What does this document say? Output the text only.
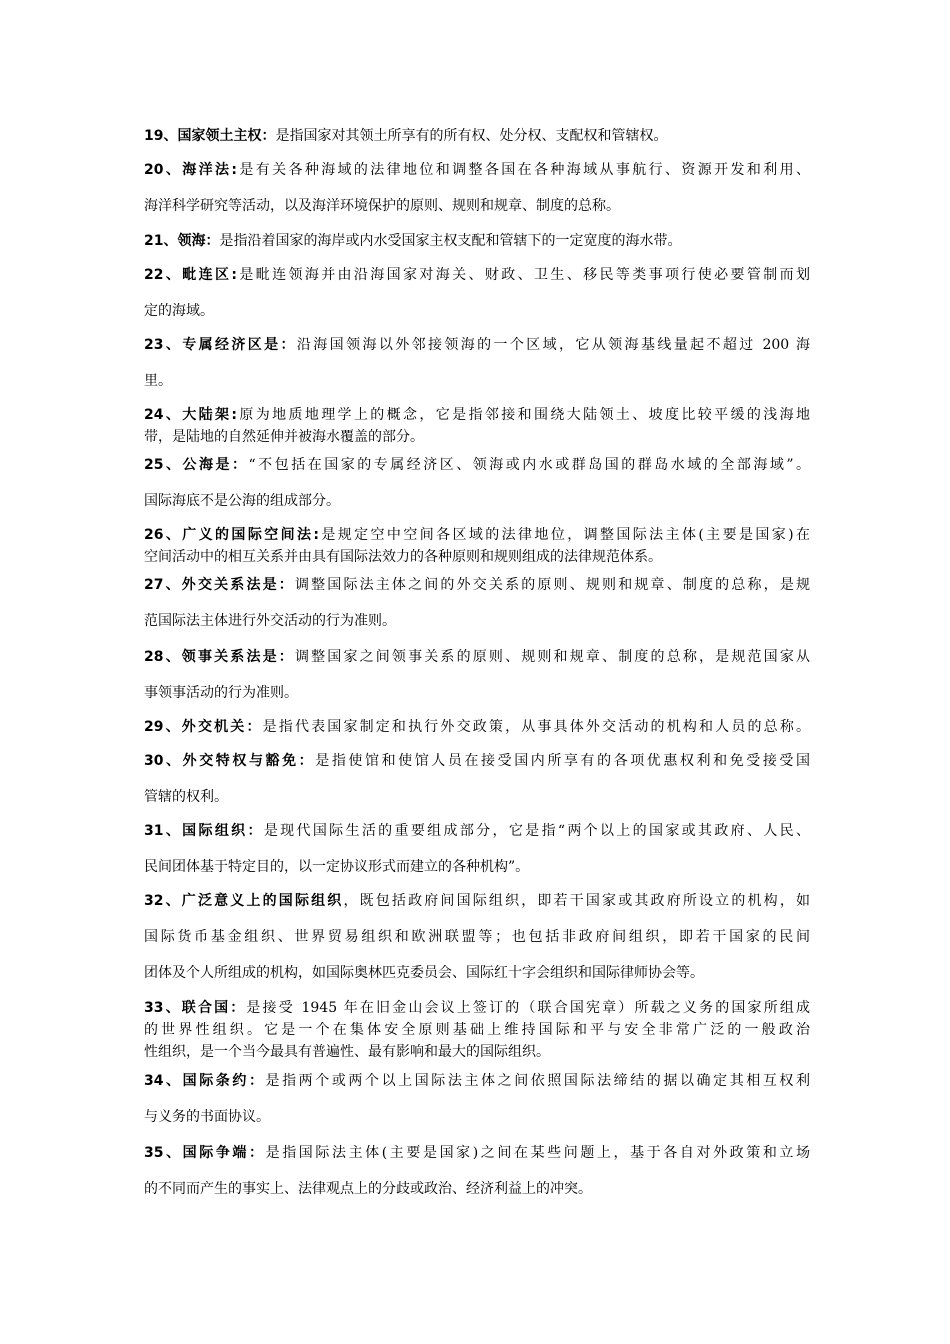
19、国家领土主权：是指国家对其领土所享有的所有权、处分权、支配权和管辖权。

20、海洋法:是有关各种海域的法律地位和调整各国在各种海域从事航行、资源开发和利用、
海洋科学研究等活动，以及海洋环境保护的原则、规则和规章、制度的总称。

21、领海：是指沿着国家的海岸或内水受国家主权支配和管辖下的一定宽度的海水带。

22、毗连区:是毗连领海并由沿海国家对海关、财政、卫生、移民等类事项行使必要管制而划
定的海域。

23、专属经济区是：沿海国领海以外邻接领海的一个区域，它从领海基线量起不超过 200 海
里。

24、大陆架:原为地质地理学上的概念，它是指邻接和围绕大陆领土、坡度比较平缓的浅海地
带，是陆地的自然延伸并被海水覆盖的部分。

25、公海是：“不包括在国家的专属经济区、领海或内水或群岛国的群岛水域的全部海域”。
国际海底不是公海的组成部分。

26、广义的国际空间法:是规定空中空间各区域的法律地位，调整国际法主体(主要是国家)在
空间活动中的相互关系并由具有国际法效力的各种原则和规则组成的法律规范体系。

27、外交关系法是：调整国际法主体之间的外交关系的原则、规则和规章、制度的总称，是规
范国际法主体进行外交活动的行为准则。

28、领事关系法是：调整国家之间领事关系的原则、规则和规章、制度的总称，是规范国家从
事领事活动的行为准则。

29、外交机关：是指代表国家制定和执行外交政策，从事具体外交活动的机构和人员的总称。

30、外交特权与豁免：是指使馆和使馆人员在接受国内所享有的各项优惠权利和免受接受国
管辖的权利。

31、国际组织：是现代国际生活的重要组成部分，它是指“两个以上的国家或其政府、人民、
民间团体基于特定目的，以一定协议形式而建立的各种机构”。

32、广泛意义上的国际组织，既包括政府间国际组织，即若干国家或其政府所设立的机构，如
国际货币基金组织、世界贸易组织和欧洲联盟等；也包括非政府间组织，即若干国家的民间
团体及个人所组成的机构，如国际奥林匹克委员会、国际红十字会组织和国际律师协会等。

33、联合国：是接受 1945 年在旧金山会议上签订的（联合国宪章）所载之义务的国家所组成
的世界性组织。它是一个在集体安全原则基础上维持国际和平与安全非常广泛的一般政治
性组织，是一个当今最具有普遍性、最有影响和最大的国际组织。

34、国际条约：是指两个或两个以上国际法主体之间依照国际法缔结的据以确定其相互权利
与义务的书面协议。

35、国际争端：是指国际法主体(主要是国家)之间在某些问题上，基于各自对外政策和立场
的不同而产生的事实上、法律观点上的分歧或政治、经济利益上的冲突。
